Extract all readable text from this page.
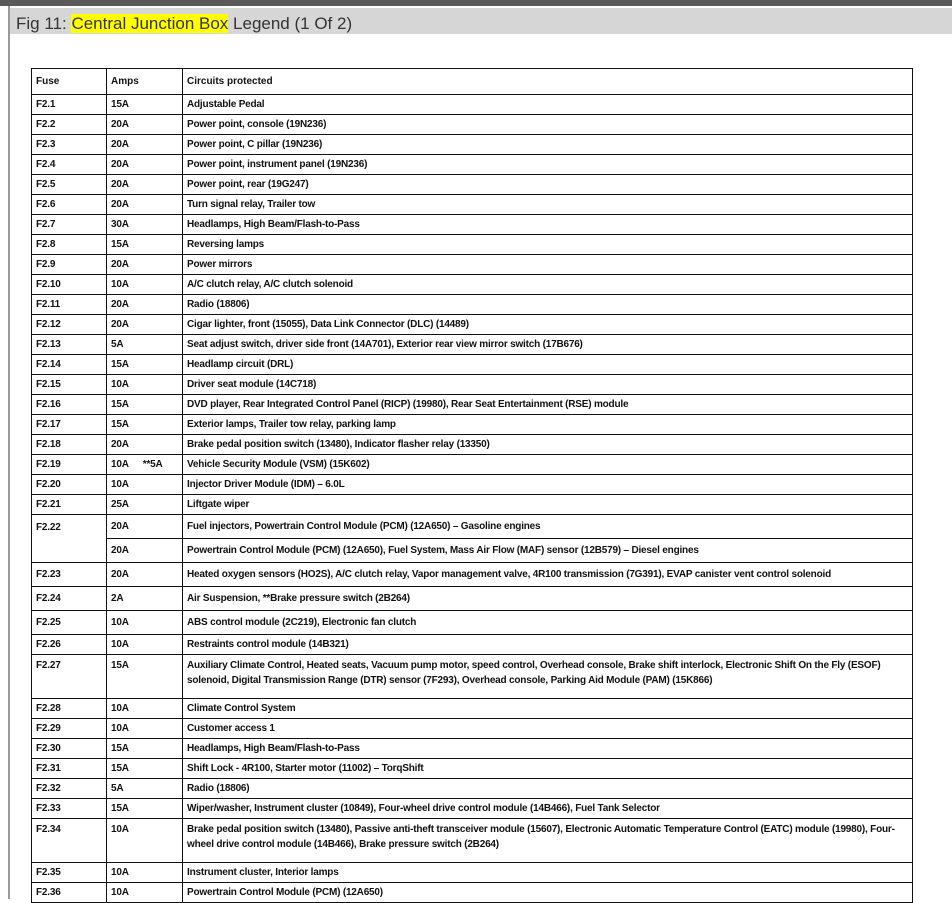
Fig 11: Central Junction Box Legend (1 Of 2)
Fuse	Amps	Circuits protected
F2.1	15A	Adjustable Pedal
F2.2	20A	Power point, console (19N236)
F2.3	20A	Power point, C pillar (19N236)
F2.4	20A	Power point, instrument panel (19N236)
F2.5	20A	Power point, rear (19G247)
F2.6	20A	Turn signal relay, Trailer tow
F2.7	30A	Headlamps, High Beam/Flash-to-Pass
F2.8	15A	Reversing lamps
F2.9	20A	Power mirrors
F2.10	10A	A/C clutch relay, A/C clutch solenoid
F2.11	20A	Radio (18806)
F2.12	20A	Cigar lighter, front (15055), Data Link Connector (DLC) (14489)
F2.13	5A	Seat adjust switch, driver side front (14A701), Exterior rear view mirror switch (17B676)
F2.14	15A	Headlamp circuit (DRL)
F2.15	10A	Driver seat module (14C718)
F2.16	15A	DVD player, Rear Integrated Control Panel (RICP) (19980), Rear Seat Entertainment (RSE) module
F2.17	15A	Exterior lamps, Trailer tow relay, parking lamp
F2.18	20A	Brake pedal position switch (13480), Indicator flasher relay (13350)
F2.19	10A **5A	Vehicle Security Module (VSM) (15K602)
F2.20	10A	Injector Driver Module (IDM) – 6.0L
F2.21	25A	Liftgate wiper
F2.22	20A	Fuel injectors, Powertrain Control Module (PCM) (12A650) – Gasoline engines
	20A	Powertrain Control Module (PCM) (12A650), Fuel System, Mass Air Flow (MAF) sensor (12B579) – Diesel engines
F2.23	20A	Heated oxygen sensors (HO2S), A/C clutch relay, Vapor management valve, 4R100 transmission (7G391), EVAP canister vent control solenoid
F2.24	2A	Air Suspension, **Brake pressure switch (2B264)
F2.25	10A	ABS control module (2C219), Electronic fan clutch
F2.26	10A	Restraints control module (14B321)
F2.27	15A	Auxiliary Climate Control, Heated seats, Vacuum pump motor, speed control, Overhead console, Brake shift interlock, Electronic Shift On the Fly (ESOF) solenoid, Digital Transmission Range (DTR) sensor (7F293), Overhead console, Parking Aid Module (PAM) (15K866)
F2.28	10A	Climate Control System
F2.29	10A	Customer access 1
F2.30	15A	Headlamps, High Beam/Flash-to-Pass
F2.31	15A	Shift Lock - 4R100, Starter motor (11002) – TorqShift
F2.32	5A	Radio (18806)
F2.33	15A	Wiper/washer, Instrument cluster (10849), Four-wheel drive control module (14B466), Fuel Tank Selector
F2.34	10A	Brake pedal position switch (13480), Passive anti-theft transceiver module (15607), Electronic Automatic Temperature Control (EATC) module (19980), Four-wheel drive control module (14B466), Brake pressure switch (2B264)
F2.35	10A	Instrument cluster, Interior lamps
F2.36	10A	Powertrain Control Module (PCM) (12A650)
